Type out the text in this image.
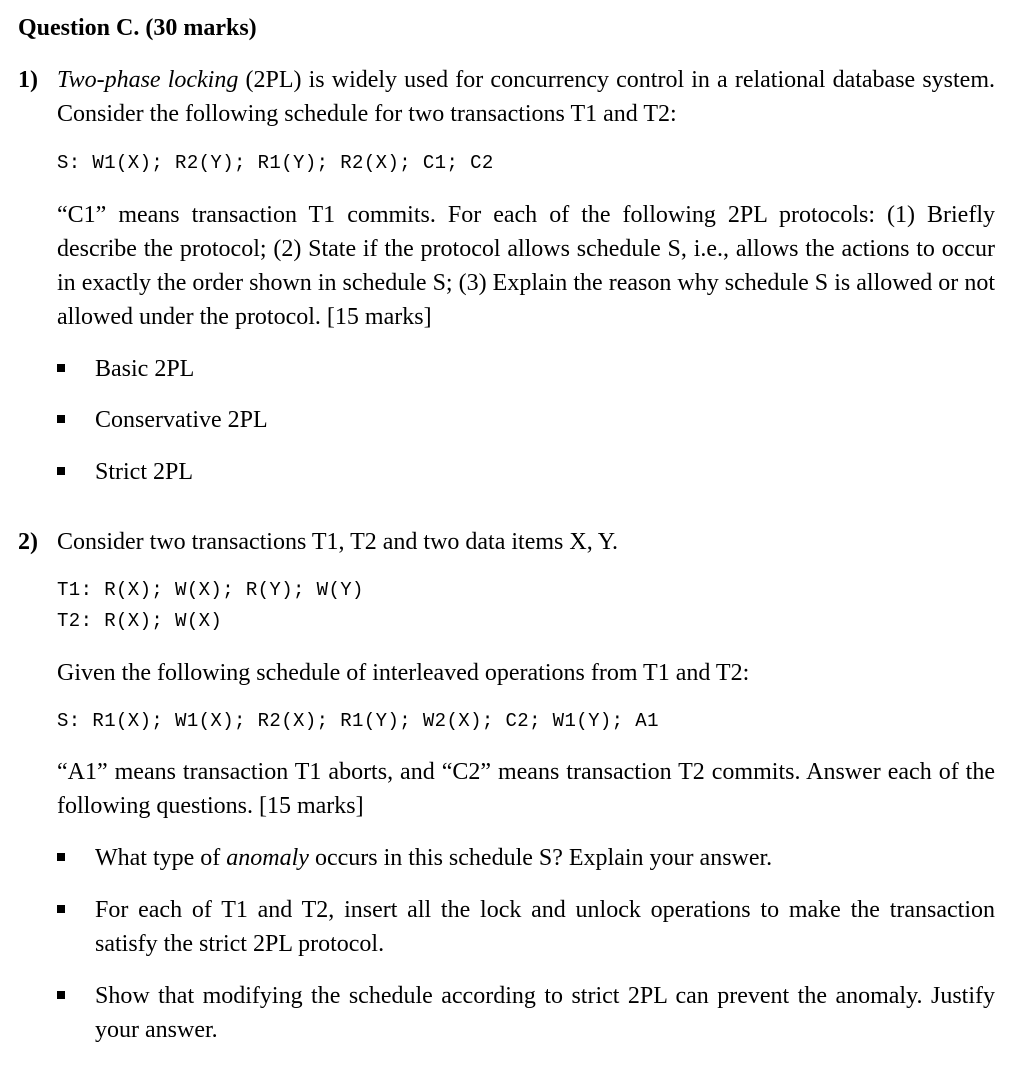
Question C. (30 marks)
1) Two-phase locking (2PL) is widely used for concurrency control in a relational database system. Consider the following schedule for two transactions T1 and T2:
S: W1(X); R2(Y); R1(Y); R2(X); C1; C2
“C1” means transaction T1 commits. For each of the following 2PL protocols: (1) Briefly describe the protocol; (2) State if the protocol allows schedule S, i.e., allows the actions to occur in exactly the order shown in schedule S; (3) Explain the reason why schedule S is allowed or not allowed under the protocol. [15 marks]
Basic 2PL
Conservative 2PL
Strict 2PL
2) Consider two transactions T1, T2 and two data items X, Y.
T1: R(X); W(X); R(Y); W(Y)
T2: R(X); W(X)
Given the following schedule of interleaved operations from T1 and T2:
S: R1(X); W1(X); R2(X); R1(Y); W2(X); C2; W1(Y); A1
“A1” means transaction T1 aborts, and “C2” means transaction T2 commits. Answer each of the following questions. [15 marks]
What type of anomaly occurs in this schedule S? Explain your answer.
For each of T1 and T2, insert all the lock and unlock operations to make the transaction satisfy the strict 2PL protocol.
Show that modifying the schedule according to strict 2PL can prevent the anomaly. Justify your answer.
